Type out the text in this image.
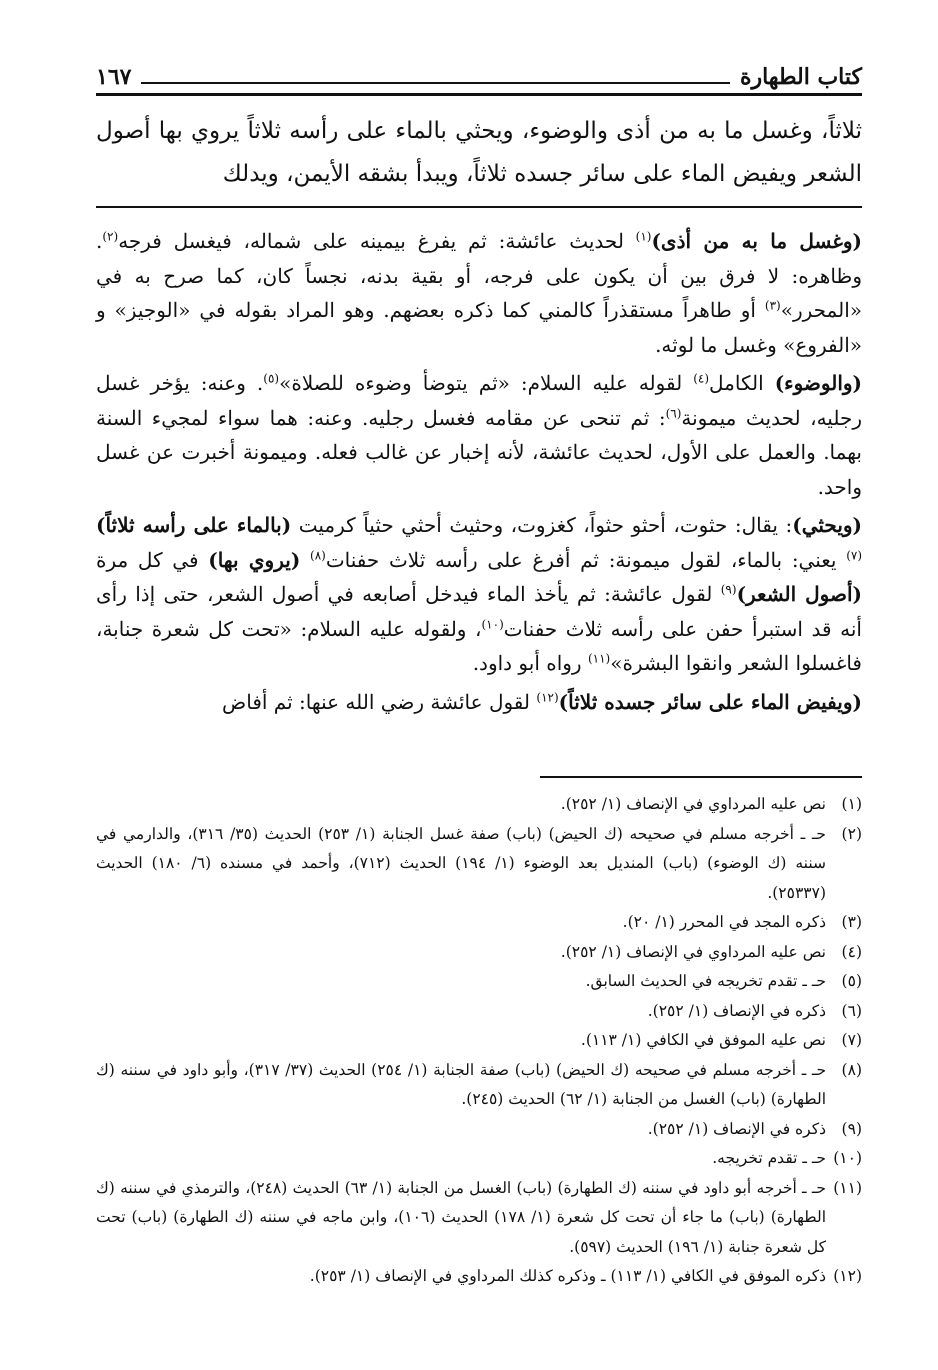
كتاب الطهارة
١٦٧
ثلاثاً، وغسل ما به من أذى والوضوء، ويحثي بالماء على رأسه ثلاثاً يروي بها أصول الشعر ويفيض الماء على سائر جسده ثلاثاً، ويبدأ بشقه الأيمن، ويدلك

(وغسل ما به من أذى)$^{(١)}$ لحديث عائشة: ثم يفرغ بيمينه على شماله، فيغسل فرجه$^{(٢)}$. وظاهره: لا فرق بين أن يكون على فرجه، أو بقية بدنه، نجساً كان، كما صرح به في «المحرر»$^{(٣)}$ أو طاهراً مستقذراً كالمني كما ذكره بعضهم. وهو المراد بقوله في «الوجيز» و «الفروع» وغسل ما لوثه.

(والوضوء) الكامل$^{(٤)}$ لقوله عليه السلام: «ثم يتوضأ وضوءه للصلاة»$^{(٥)}$. وعنه: يؤخر غسل رجليه، لحديث ميمونة$^{(٦)}$: ثم تنحى عن مقامه فغسل رجليه. وعنه: هما سواء لمجيء السنة بهما. والعمل على الأول، لحديث عائشة، لأنه إخبار عن غالب فعله. وميمونة أخبرت عن غسل واحد.

(ويحثي): يقال: حثوت، أحثو حثواً، كغزوت، وحثيث أحثي حثياً كرميت (بالماء على رأسه ثلاثاً)$^{(٧)}$ يعني: بالماء، لقول ميمونة: ثم أفرغ على رأسه ثلاث حفنات$^{(٨)}$ (يروي بها) في كل مرة (أصول الشعر)$^{(٩)}$ لقول عائشة: ثم يأخذ الماء فيدخل أصابعه في أصول الشعر، حتى إذا رأى أنه قد استبرأ حفن على رأسه ثلاث حفنات$^{(١٠)}$، ولقوله عليه السلام: «تحت كل شعرة جنابة، فاغسلوا الشعر وانقوا البشرة»$^{(١١)}$ رواه أبو داود.

(ويفيض الماء على سائر جسده ثلاثاً)$^{(١٢)}$ لقول عائشة رضي الله عنها: ثم أفاض

(١)
نص عليه المرداوي في الإنصاف (١/ ٢٥٢).
(٢)
حـ ـ أخرجه مسلم في صحيحه (ك الحيض) (باب) صفة غسل الجنابة (١/ ٢٥٣) الحديث (٣٥/ ٣١٦)، والدارمي في سننه (ك الوضوء) (باب) المنديل بعد الوضوء (١/ ١٩٤) الحديث (٧١٢)، وأحمد في مسنده (٦/ ١٨٠) الحديث (٢٥٣٣٧).
(٣)
ذكره المجد في المحرر (١/ ٢٠).
(٤)
نص عليه المرداوي في الإنصاف (١/ ٢٥٢).
(٥)
حـ ـ تقدم تخريجه في الحديث السابق.
(٦)
ذكره في الإنصاف (١/ ٢٥٢).
(٧)
نص عليه الموفق في الكافي (١/ ١١٣).
(٨)
حـ ـ أخرجه مسلم في صحيحه (ك الحيض) (باب) صفة الجنابة (١/ ٢٥٤) الحديث (٣٧/ ٣١٧)، وأبو داود في سننه (ك الطهارة) (باب) الغسل من الجنابة (١/ ٦٢) الحديث (٢٤٥).
(٩)
ذكره في الإنصاف (١/ ٢٥٢).
(١٠)
حـ ـ تقدم تخريجه.
(١١)
حـ ـ أخرجه أبو داود في سننه (ك الطهارة) (باب) الغسل من الجنابة (١/ ٦٣) الحديث (٢٤٨)، والترمذي في سننه (ك الطهارة) (باب) ما جاء أن تحت كل شعرة (١/ ١٧٨) الحديث (١٠٦)، وابن ماجه في سننه (ك الطهارة) (باب) تحت كل شعرة جنابة (١/ ١٩٦) الحديث (٥٩٧).
(١٢)
ذكره الموفق في الكافي (١/ ١١٣) ـ وذكره كذلك المرداوي في الإنصاف (١/ ٢٥٣).
